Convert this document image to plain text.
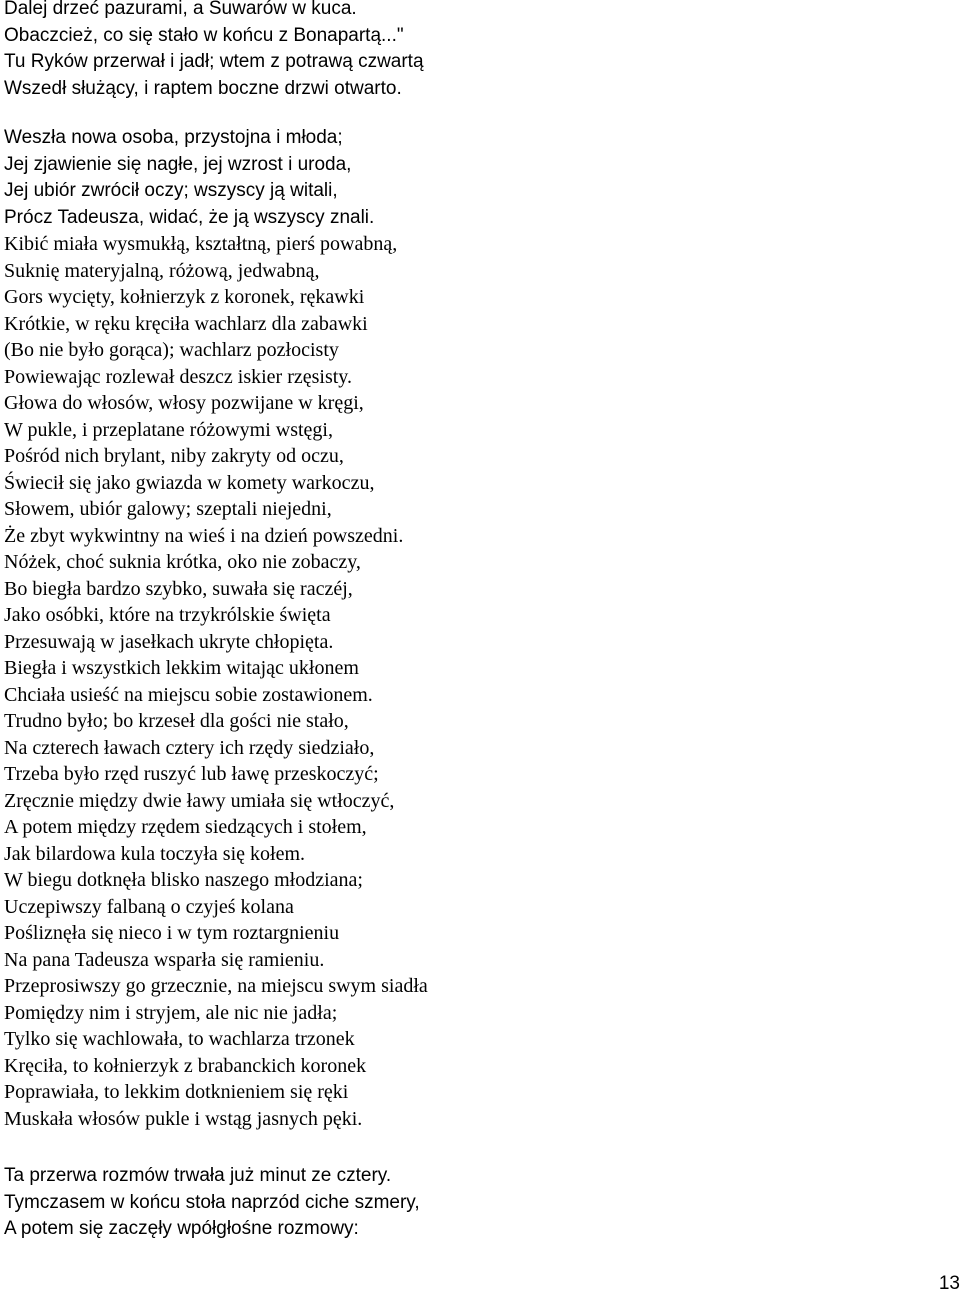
Dalej drzeć pazurami, a Suwarów w kuca.
Obaczcież, co się stało w końcu z Bonapartą..."
Tu Ryków przerwał i jadł; wtem z potrawą czwartą
Wszedł służący, i raptem boczne drzwi otwarto.
Weszła nowa osoba, przystojna i młoda;
Jej zjawienie się nagłe, jej wzrost i uroda,
Jej ubiór zwrócił oczy; wszyscy ją witali,
Prócz Tadeusza, widać, że ją wszyscy znali.
Kibić miała wysmukłą, kształtną, pierś powabną,
Suknię materyjalną, różową, jedwabną,
Gors wycięty, kołnierzyk z koronek, rękawki
Krótkie, w ręku kręciła wachlarz dla zabawki
(Bo nie było gorąca); wachlarz pozłocisty
Powiewając rozlewał deszcz iskier rzęsisty.
Głowa do włosów, włosy pozwijane w kręgi,
W pukle, i przeplatane różowymi wstęgi,
Pośród nich brylant, niby zakryty od oczu,
Świecił się jako gwiazda w komety warkoczu,
Słowem, ubiór galowy; szeptali niejedni,
Że zbyt wykwintny na wieś i na dzień powszedni.
Nóżek, choć suknia krótka, oko nie zobaczy,
Bo biegła bardzo szybko, suwała się raczéj,
Jako osóbki, które na trzykrólskie święta
Przesuwają w jasełkach ukryte chłopięta.
Biegła i wszystkich lekkim witając ukłonem
Chciała usieść na miejscu sobie zostawionem.
Trudno było; bo krzeseł dla gości nie stało,
Na czterech ławach cztery ich rzędy siedziało,
Trzeba było rzęd ruszyć lub ławę przeskoczyć;
Zręcznie między dwie ławy umiała się wtłoczyć,
A potem między rzędem siedzących i stołem,
Jak bilardowa kula toczyła się kołem.
W biegu dotknęła blisko naszego młodziana;
Uczepiwszy falbaną o czyjeś kolana
Pośliznęła się nieco i w tym roztargnieniu
Na pana Tadeusza wsparła się ramieniu.
Przeprosiwszy go grzecznie, na miejscu swym siadła
Pomiędzy nim i stryjem, ale nic nie jadła;
Tylko się wachlowała, to wachlarza trzonek
Kręciła, to kołnierzyk z brabanckich koronek
Poprawiała, to lekkim dotknieniem się ręki
Muskała włosów pukle i wstąg jasnych pęki.
Ta przerwa rozmów trwała już minut ze cztery.
Tymczasem w końcu stoła naprzód ciche szmery,
A potem się zaczęły wpółgłośne rozmowy:
13
